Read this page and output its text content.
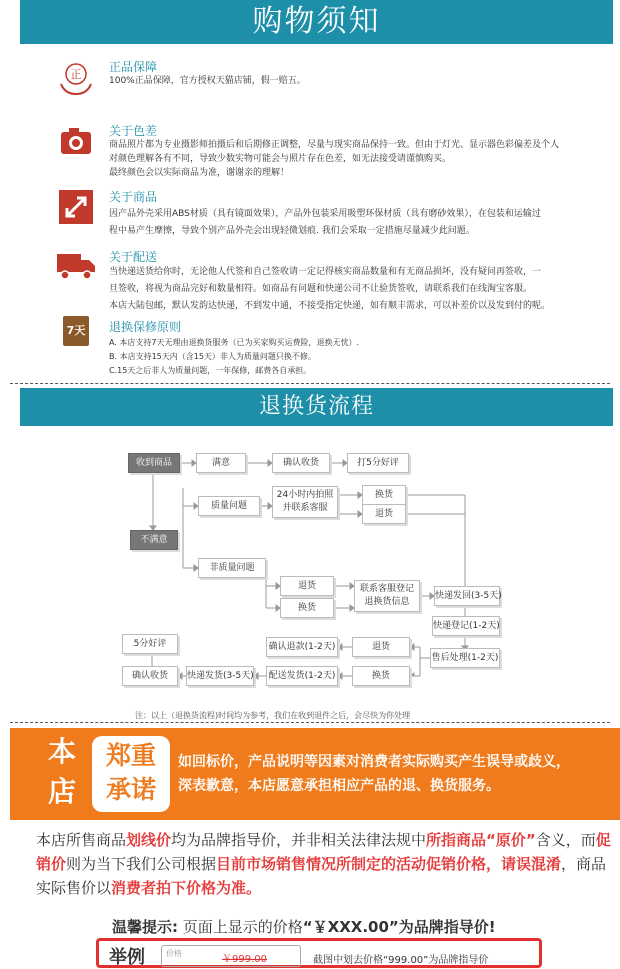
购物须知
正
正品保障
100%正品保障，官方授权天猫店铺，假一赔五。
关于色差
商品照片都为专业摄影师拍摄后和后期修正调整，尽量与现实商品保持一致。但由于灯光、显示器色彩偏差及个人
对颜色理解各有不同，导致少数实物可能会与照片存在色差，如无法接受请谨慎购买。
最终颜色会以实际商品为准，谢谢亲的理解！
关于商品
因产品外壳采用ABS材质（具有镜面效果），产品外包装采用吸塑环保材质（具有磨砂效果），在包装和运输过
程中易产生摩擦，导致个别产品外壳会出现轻微划痕. 我们会采取一定措施尽量减少此问题。
关于配送
当快递送货给你时，无论他人代签和自己签收请一定记得核实商品数量和有无商品损坏，没有疑问再签收，一
旦签收，将视为商品完好和数量相符。如商品有问题和快递公司不让验货签收，请联系我们在线淘宝客服。
本店大陆包邮，默认发韵达快递，不到发中通，不接受指定快递，如有顺丰需求，可以补差价以及发到付的呢。
7天	退换保修原则
A. 本店支持7天无理由退换货服务（已为买家购买运费险，退换无忧）.
B. 本店支持15天内（含15天）非人为质量问题只换不修。
C.15天之后非人为质量问题，一年保修，邮费各自承担。
退换货流程
收到商品	满意	确认收货	打5分好评
不满意
质量问题
24小时内拍照
并联系客服
换货
退货
非质量问题
退货
换货
联系客服登记
退换货信息
快递发回(3-5天)
快递登记(1-2天)
售后处理(1-2天)
退货
换货
确认退款(1-2天)
配送发货(1-2天)
快递发货(3-5天)
确认收货
5分好评
注：以上（退换货流程)时间均为参考，我们在收到退件之后，会尽快为你处理
本店
郑重
承诺
如回标价，产品说明等因素对消费者实际购买产生误导或歧义，
深表歉意，本店愿意承担相应产品的退、换货服务。
本店所售商品划线价均为品牌指导价，并非相关法律法规中所指商品“原价”含义，而促销价则为当下我们公司根据目前市场销售情况所制定的活动促销价格，请误混淆，商品实际售价以消费者拍下价格为准。
温馨提示: 页面上显示的价格“￥XXX.00”为品牌指导价!
举例	价格
￥999.00	截图中划去价格“999.00”为品牌指导价
